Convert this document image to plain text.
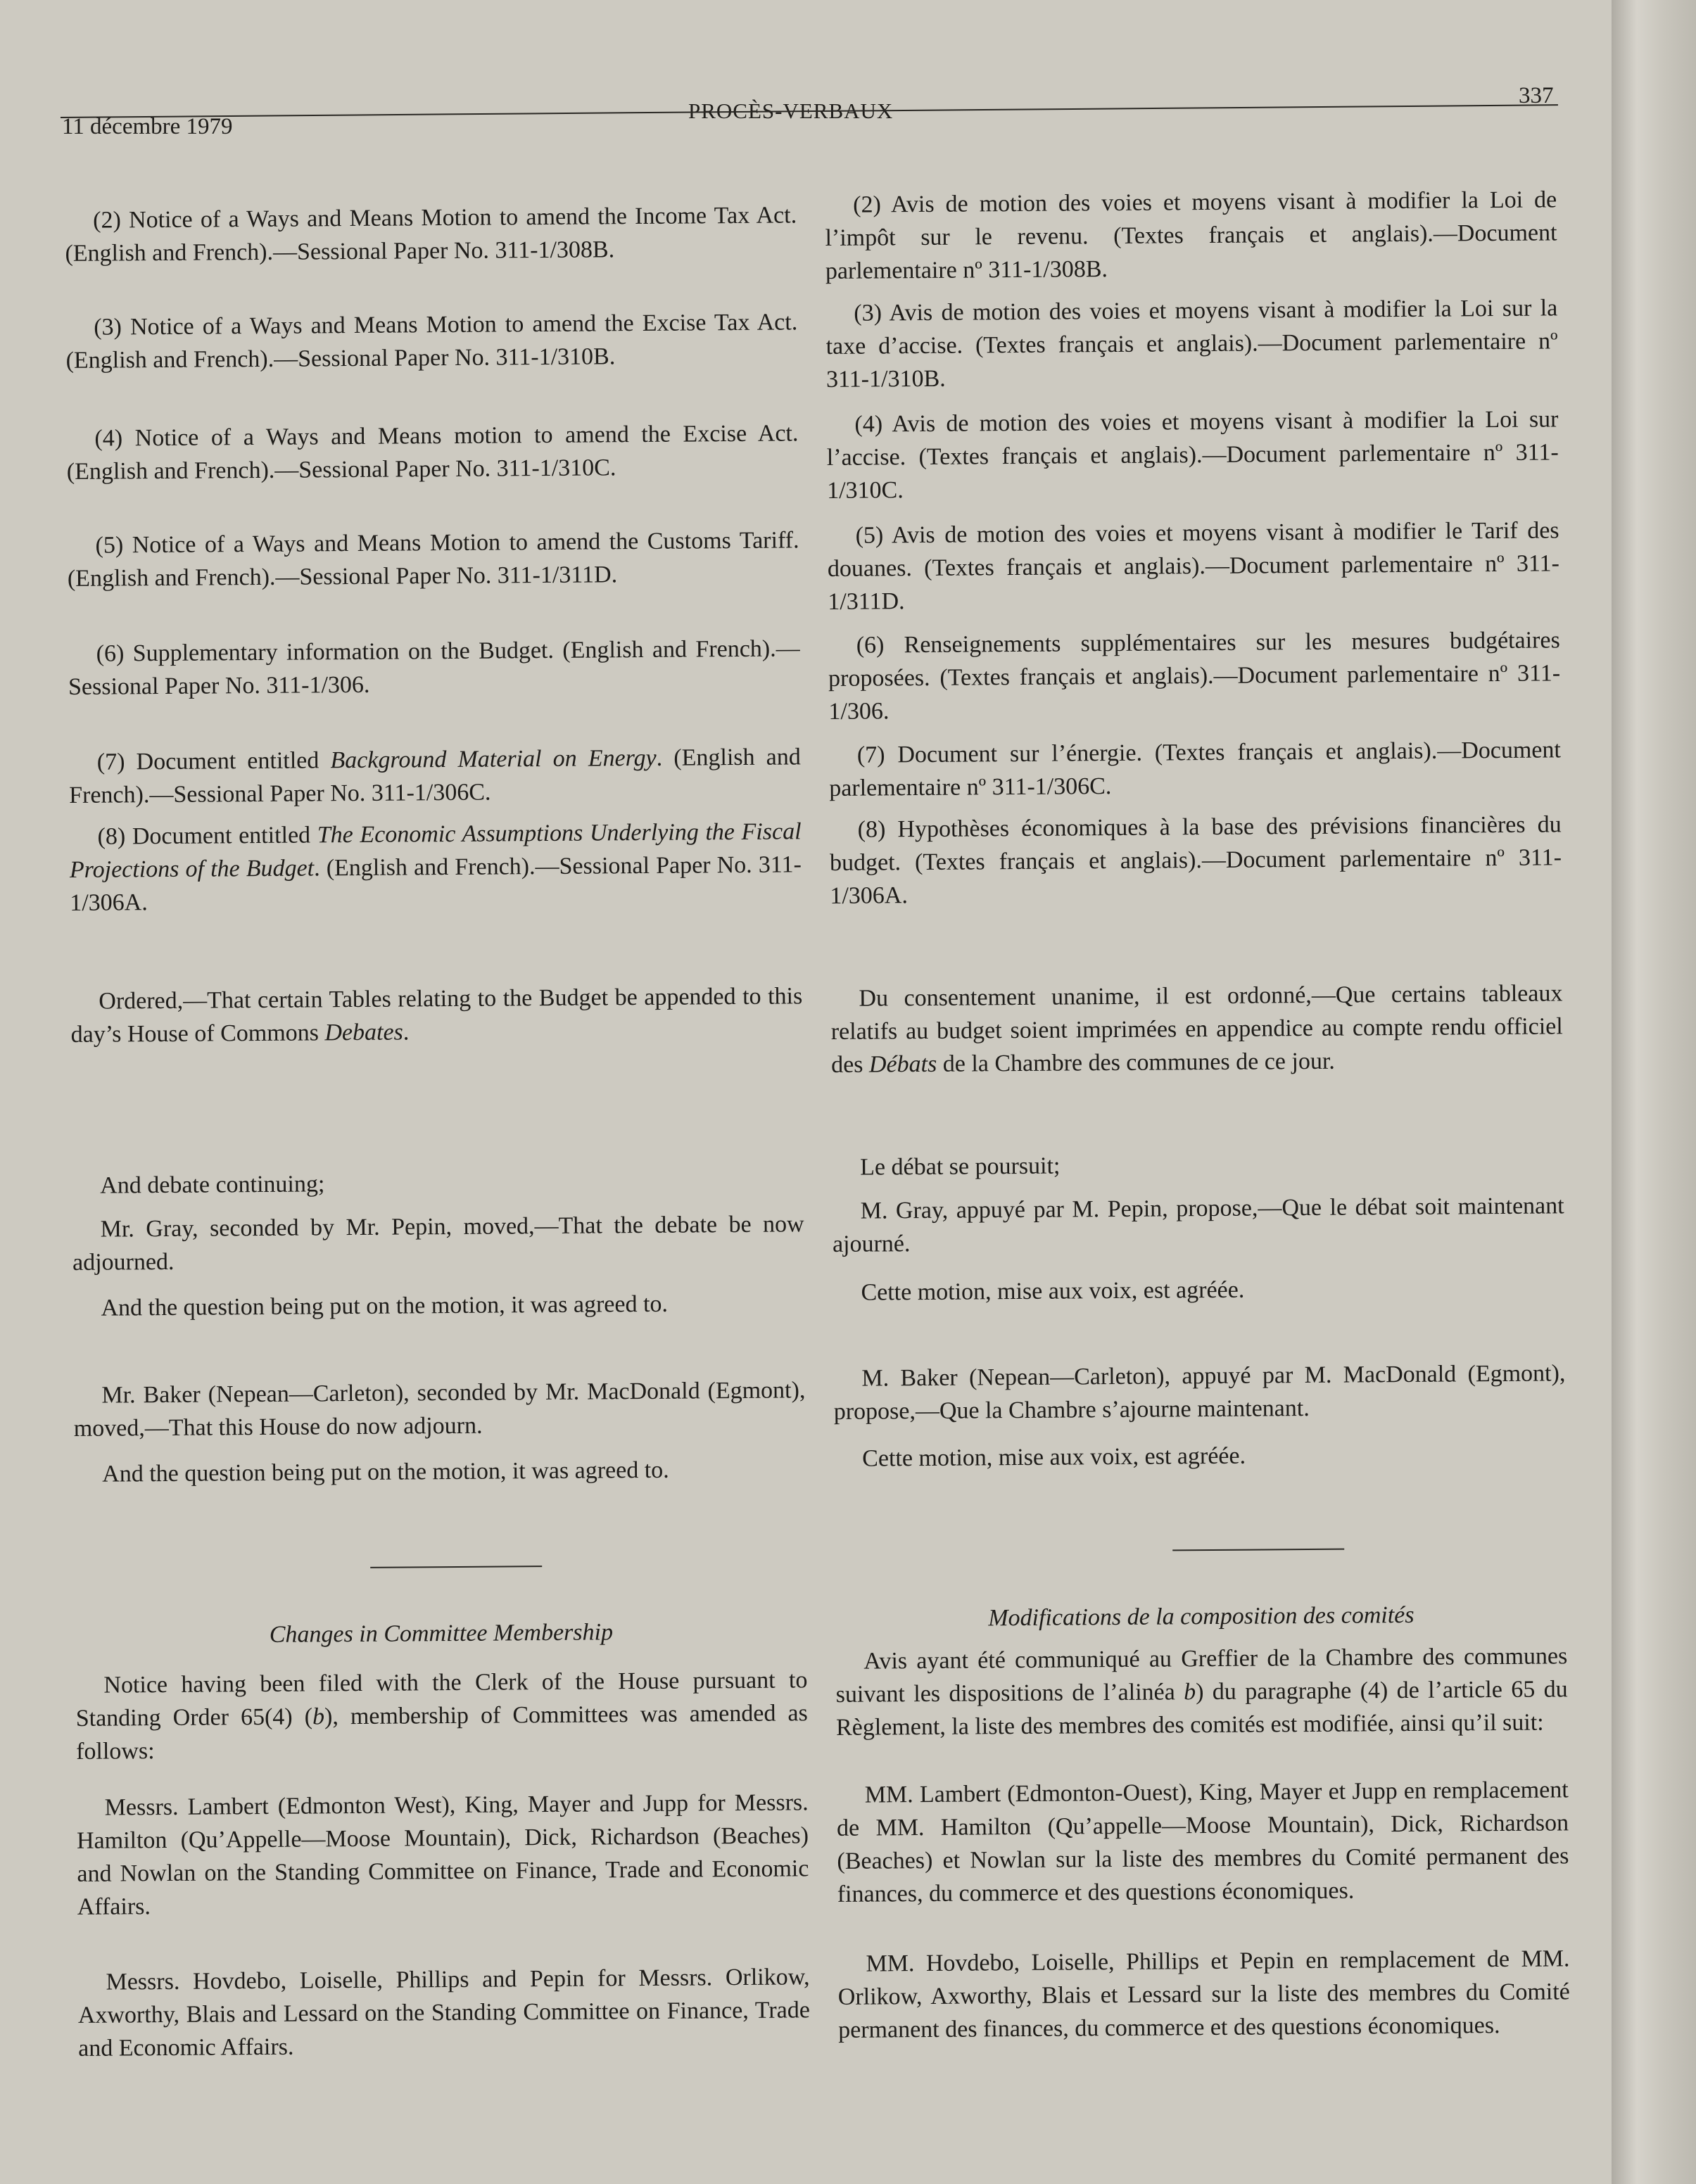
11 décembre 1979
PROCÈS-VERBAUX
337

(2) Notice of a Ways and Means Motion to amend the Income Tax Act. (English and French).—Sessional Paper No. 311-1/308B.

(3) Notice of a Ways and Means Motion to amend the Excise Tax Act. (English and French).—Sessional Paper No. 311-1/310B.

(4) Notice of a Ways and Means motion to amend the Excise Act. (English and French).—Sessional Paper No. 311-1/310C.

(5) Notice of a Ways and Means Motion to amend the Customs Tariff. (English and French).—Sessional Paper No. 311-1/311D.

(6) Supplementary information on the Budget. (English and French).—Sessional Paper No. 311-1/306.

(7) Document entitled Background Material on Energy. (English and French).—Sessional Paper No. 311-1/306C.

(8) Document entitled The Economic Assumptions Underlying the Fiscal Projections of the Budget. (English and French).—Sessional Paper No. 311-1/306A.

Ordered,—That certain Tables relating to the Budget be appended to this day’s House of Commons Debates.

And debate continuing;

Mr. Gray, seconded by Mr. Pepin, moved,—That the debate be now adjourned.

And the question being put on the motion, it was agreed to.

Mr. Baker (Nepean—Carleton), seconded by Mr. MacDonald (Egmont), moved,—That this House do now adjourn.

And the question being put on the motion, it was agreed to.

Changes in Committee Membership

Notice having been filed with the Clerk of the House pursuant to Standing Order 65(4) (b), membership of Committees was amended as follows:

Messrs. Lambert (Edmonton West), King, Mayer and Jupp for Messrs. Hamilton (Qu’Appelle—Moose Mountain), Dick, Richardson (Beaches) and Nowlan on the Standing Committee on Finance, Trade and Economic Affairs.

Messrs. Hovdebo, Loiselle, Phillips and Pepin for Messrs. Orlikow, Axworthy, Blais and Lessard on the Standing Committee on Finance, Trade and Economic Affairs.

(2) Avis de motion des voies et moyens visant à modifier la Loi de l’impôt sur le revenu. (Textes français et anglais).—Document parlementaire nº 311-1/308B.

(3) Avis de motion des voies et moyens visant à modifier la Loi sur la taxe d’accise. (Textes français et anglais).—Document parlementaire nº 311-1/310B.

(4) Avis de motion des voies et moyens visant à modifier la Loi sur l’accise. (Textes français et anglais).—Document parlementaire nº 311-1/310C.

(5) Avis de motion des voies et moyens visant à modifier le Tarif des douanes. (Textes français et anglais).—Document parlementaire nº 311-1/311D.

(6) Renseignements supplémentaires sur les mesures budgétaires proposées. (Textes français et anglais).—Document parlementaire nº 311-1/306.

(7) Document sur l’énergie. (Textes français et anglais).—Document parlementaire nº 311-1/306C.

(8) Hypothèses économiques à la base des prévisions financières du budget. (Textes français et anglais).—Document parlementaire nº 311-1/306A.

Du consentement unanime, il est ordonné,—Que certains tableaux relatifs au budget soient imprimées en appendice au compte rendu officiel des Débats de la Chambre des communes de ce jour.

Le débat se poursuit;

M. Gray, appuyé par M. Pepin, propose,—Que le débat soit maintenant ajourné.

Cette motion, mise aux voix, est agréée.

M. Baker (Nepean—Carleton), appuyé par M. MacDonald (Egmont), propose,—Que la Chambre s’ajourne maintenant.

Cette motion, mise aux voix, est agréée.

Modifications de la composition des comités

Avis ayant été communiqué au Greffier de la Chambre des communes suivant les dispositions de l’alinéa b) du paragraphe (4) de l’article 65 du Règlement, la liste des membres des comités est modifiée, ainsi qu’il suit:

MM. Lambert (Edmonton-Ouest), King, Mayer et Jupp en remplacement de MM. Hamilton (Qu’appelle—Moose Mountain), Dick, Richardson (Beaches) et Nowlan sur la liste des membres du Comité permanent des finances, du commerce et des questions économiques.

MM. Hovdebo, Loiselle, Phillips et Pepin en remplacement de MM. Orlikow, Axworthy, Blais et Lessard sur la liste des membres du Comité permanent des finances, du commerce et des questions économiques.
